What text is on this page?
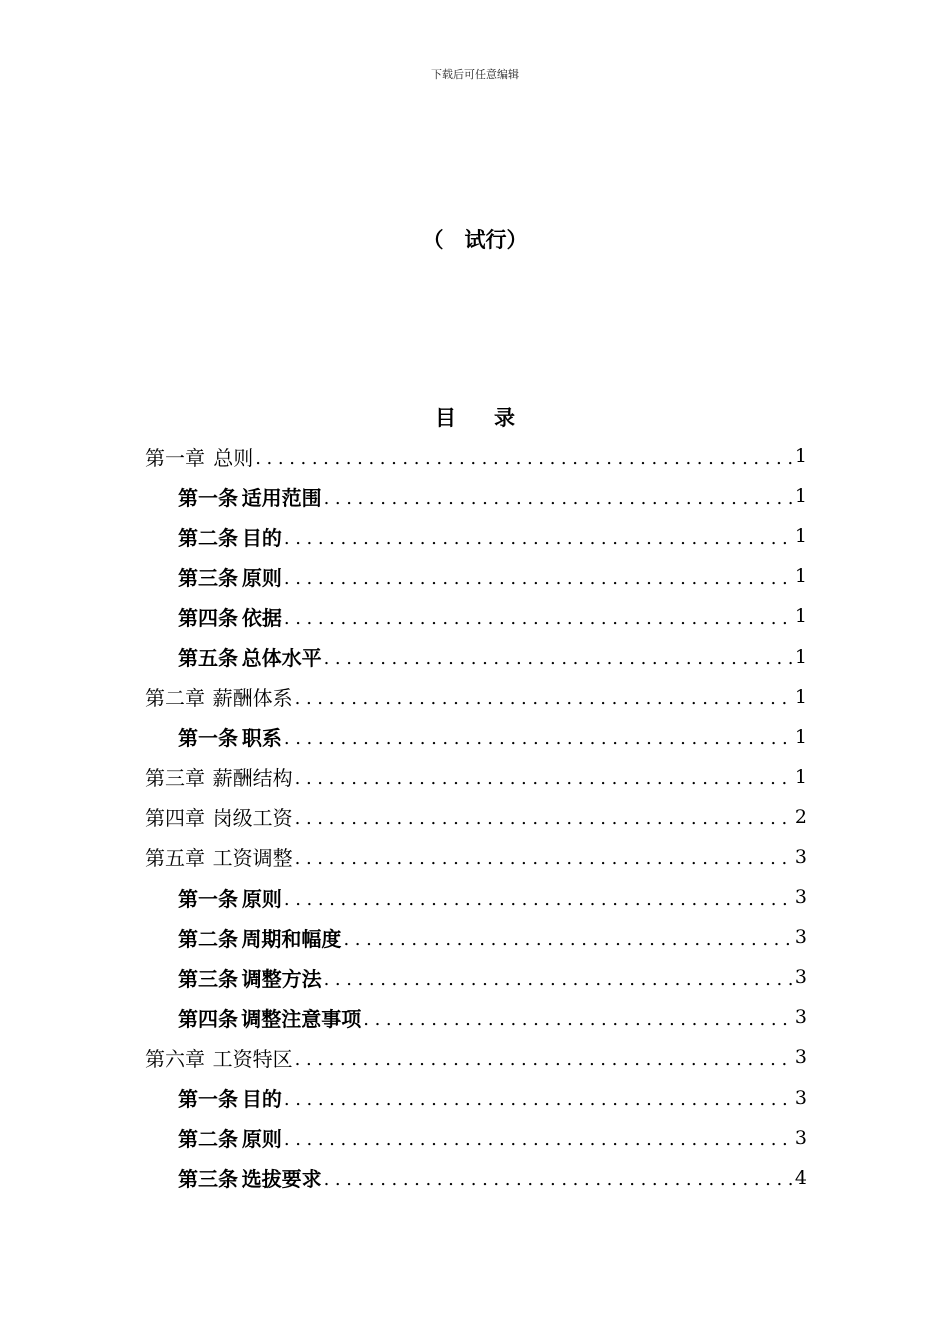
下载后可任意编辑
（　试行）
目录
第一章 总则 .....	1
第一条 适用范围 .....	1
第二条 目的 .....	1
第三条 原则 .....	1
第四条 依据 .....	1
第五条 总体水平 .....	1
第二章 薪酬体系 .....	1
第一条 职系 .....	1
第三章 薪酬结构 .....	1
第四章 岗级工资 .....	2
第五章 工资调整 .....	3
第一条 原则 .....	3
第二条 周期和幅度 .....	3
第三条 调整方法 .....	3
第四条 调整注意事项 .....	3
第六章 工资特区 .....	3
第一条 目的 .....	3
第二条 原则 .....	3
第三条 选拔要求 .....	4
